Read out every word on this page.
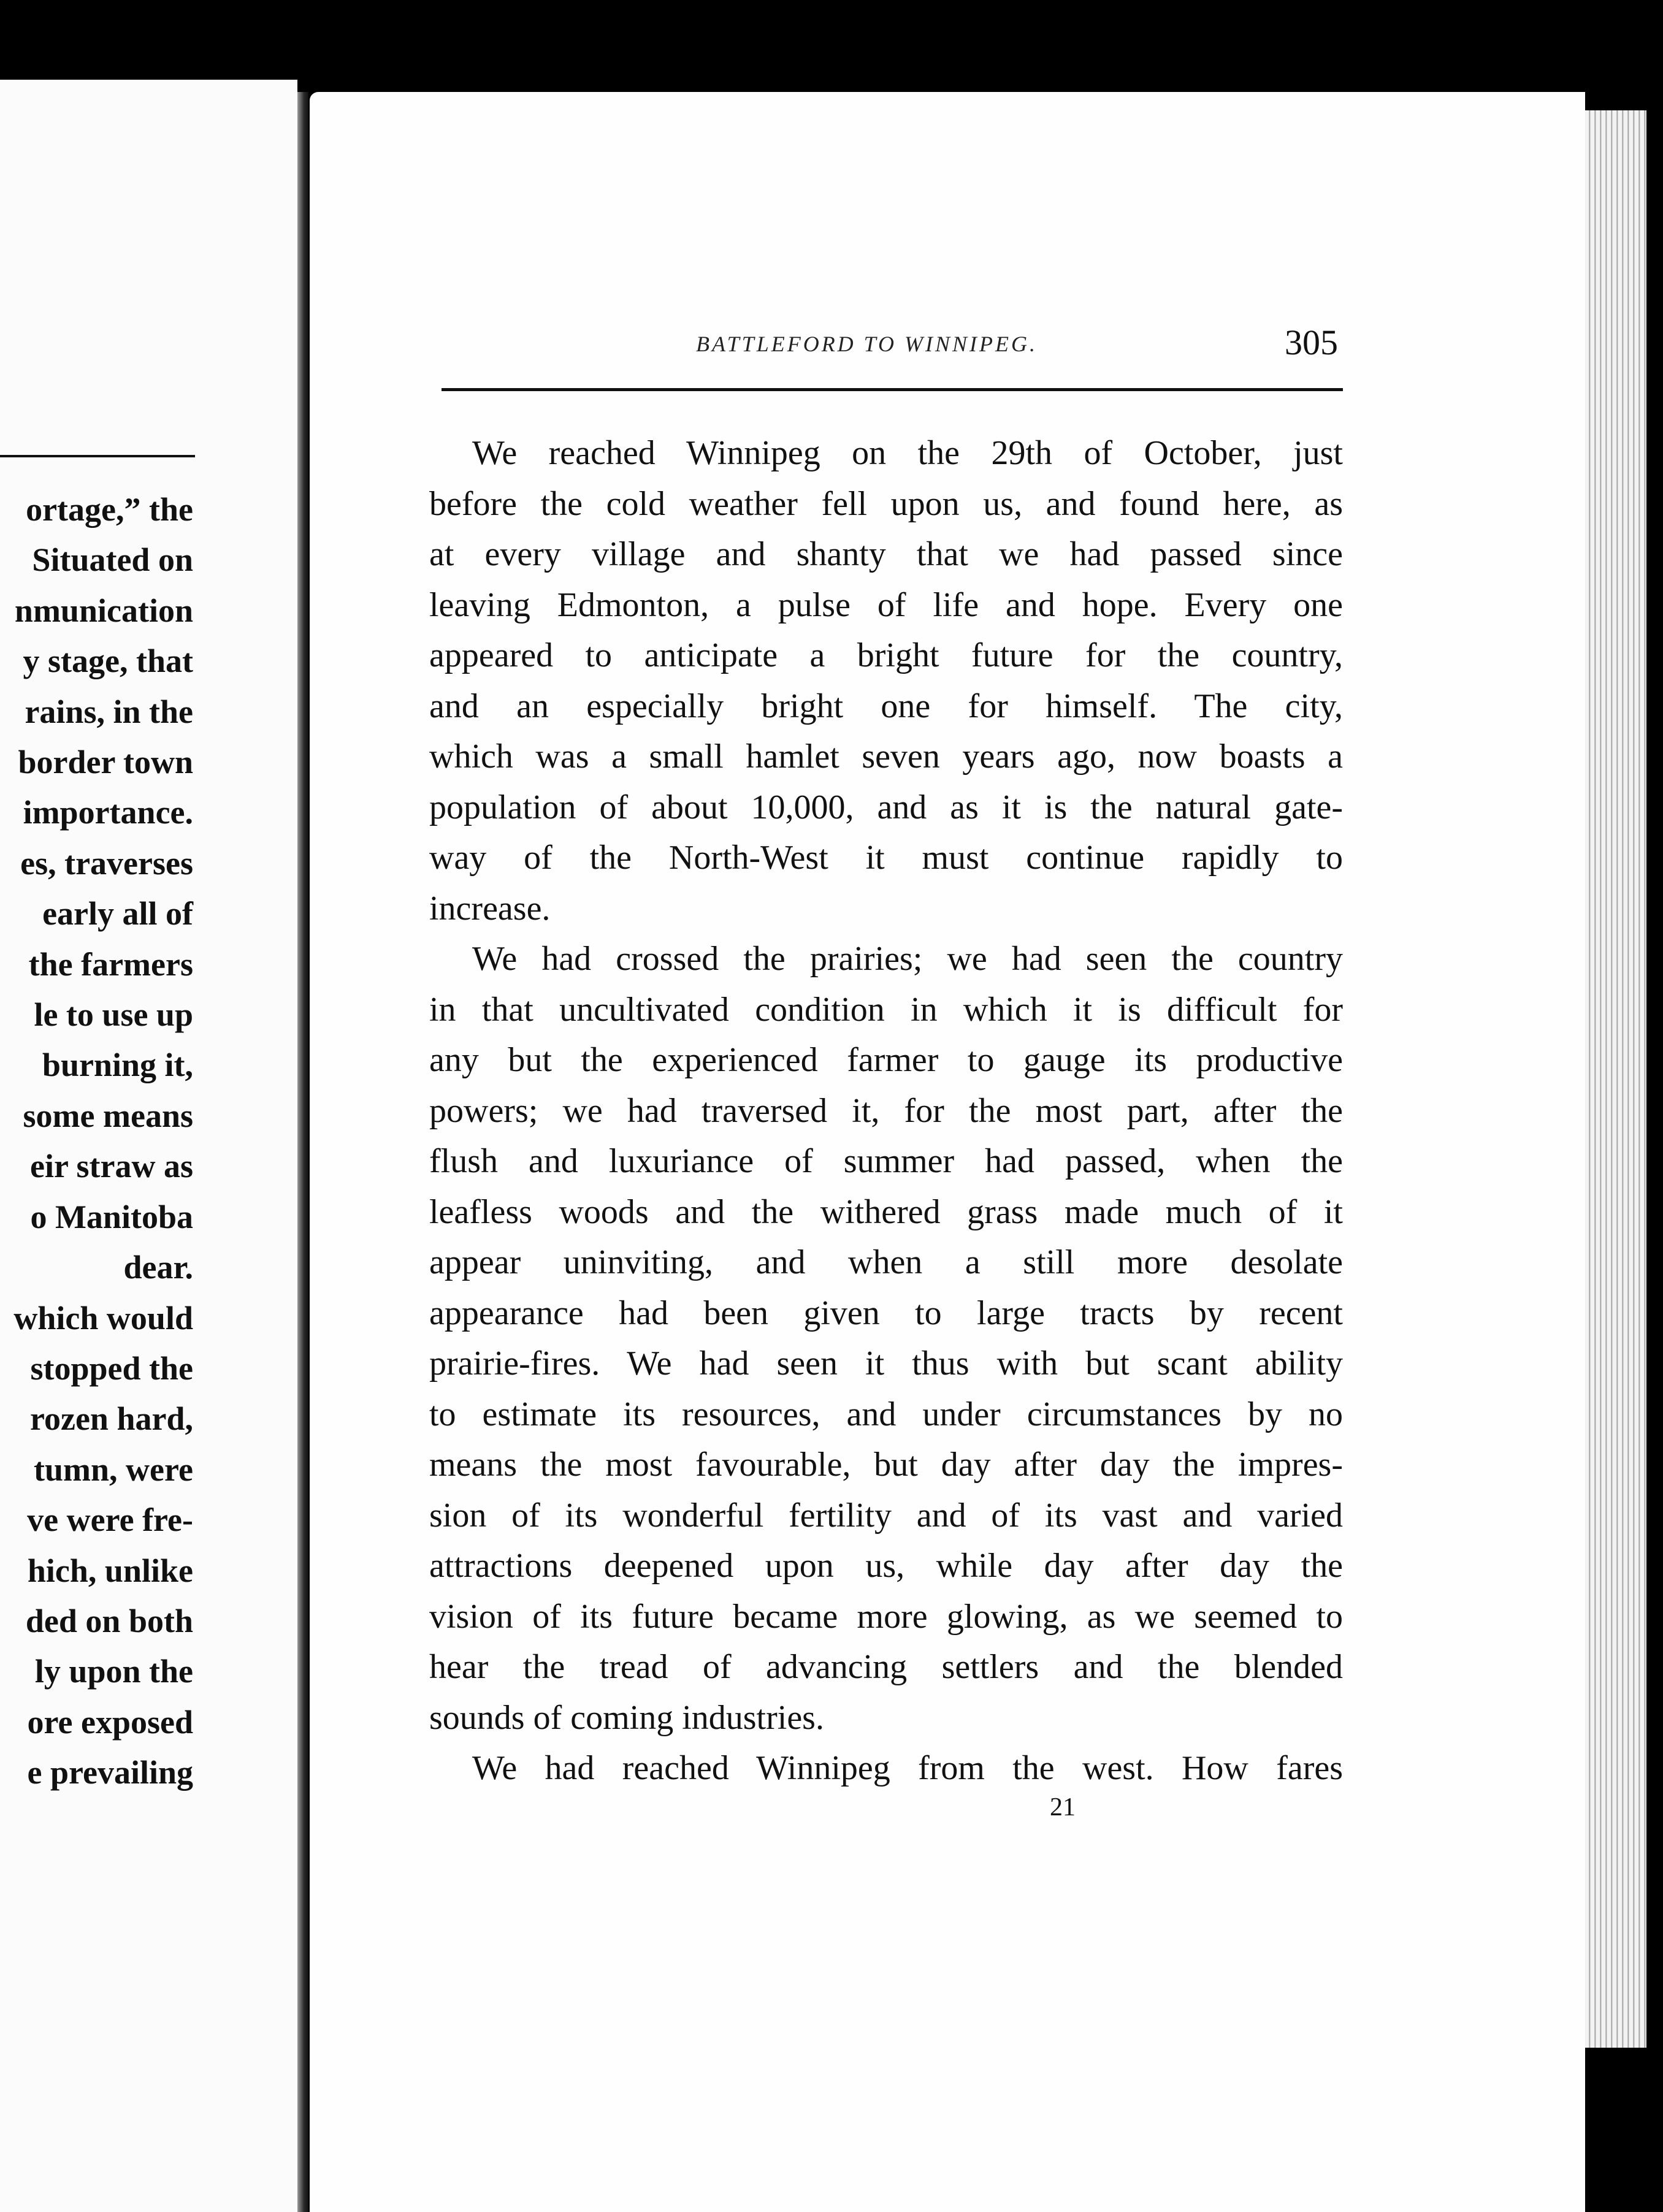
ortage,” the
Situated on
nmunication
y stage, that
rains, in the
border town
importance.
es, traverses
early all of
the farmers
le to use up
burning it,
some means
eir straw as
o Manitoba
dear.
which would
stopped the
rozen hard,
tumn, were
ve were fre-
hich, unlike
ded on both
ly upon the
ore exposed
e prevailing
BATTLEFORD TO WINNIPEG.	305
We reached Winnipeg on the 29th of October, just
before the cold weather fell upon us, and found here, as
at every village and shanty that we had passed since
leaving Edmonton, a pulse of life and hope. Every one
appeared to anticipate a bright future for the country,
and an especially bright one for himself. The city,
which was a small hamlet seven years ago, now boasts a
population of about 10,000, and as it is the natural gate-
way of the North-West it must continue rapidly to
increase.
We had crossed the prairies; we had seen the country
in that uncultivated condition in which it is difficult for
any but the experienced farmer to gauge its productive
powers; we had traversed it, for the most part, after the
flush and luxuriance of summer had passed, when the
leafless woods and the withered grass made much of it
appear uninviting, and when a still more desolate
appearance had been given to large tracts by recent
prairie-fires. We had seen it thus with but scant ability
to estimate its resources, and under circumstances by no
means the most favourable, but day after day the impres-
sion of its wonderful fertility and of its vast and varied
attractions deepened upon us, while day after day the
vision of its future became more glowing, as we seemed to
hear the tread of advancing settlers and the blended
sounds of coming industries.
We had reached Winnipeg from the west. How fares
21
